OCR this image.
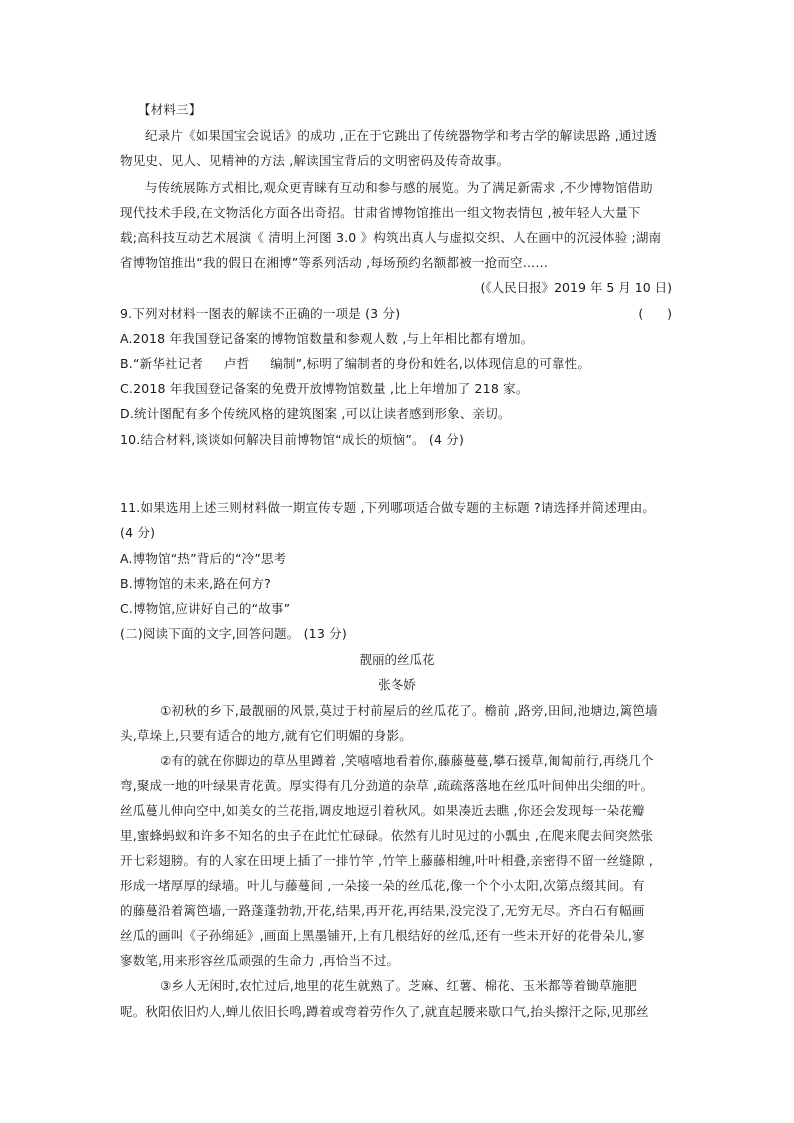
【材料三】
纪录片《如果国宝会说话》的成功 ,正在于它跳出了传统器物学和考古学的解读思路 ,通过透
物见史、见人、见精神的方法 ,解读国宝背后的文明密码及传奇故事。
与传统展陈方式相比,观众更青睐有互动和参与感的展览。为了满足新需求 ,不少博物馆借助
现代技术手段,在文物活化方面各出奇招。甘肃省博物馆推出一组文物表情包 ,被年轻人大量下
载;高科技互动艺术展演《 清明上河图 3.0 》构筑出真人与虚拟交织、人在画中的沉浸体验 ;湖南
省博物馆推出“我的假日在湘博”等系列活动 ,每场预约名额都被一抢而空……
(《人民日报》2019 年 5 月 10 日)
9.下列对材料一图表的解读不正确的一项是 (3 分)	(      )
A.2018 年我国登记备案的博物馆数量和参观人数 ,与上年相比都有增加。
B.“新华社记者     卢哲     编制”,标明了编制者的身份和姓名,以体现信息的可靠性。
C.2018 年我国登记备案的免费开放博物馆数量 ,比上年增加了 218 家。
D.统计图配有多个传统风格的建筑图案 ,可以让读者感到形象、亲切。
10.结合材料,谈谈如何解决目前博物馆“成长的烦恼”。 (4 分)
11.如果选用上述三则材料做一期宣传专题 ,下列哪项适合做专题的主标题 ?请选择并简述理由。
(4 分)
A.博物馆“热”背后的“冷”思考
B.博物馆的未来,路在何方?
C.博物馆,应讲好自己的“故事”
(二)阅读下面的文字,回答问题。 (13 分)
靓丽的丝瓜花
张冬娇
①初秋的乡下,最靓丽的风景,莫过于村前屋后的丝瓜花了。檐前 ,路旁,田间,池塘边,篱笆墙
头,草垛上,只要有适合的地方,就有它们明媚的身影。
②有的就在你脚边的草丛里蹲着 ,笑嘻嘻地看着你,藤藤蔓蔓,攀石援草,匍匐前行,再绕几个
弯,聚成一地的叶绿果青花黄。厚实得有几分劲道的杂草 ,疏疏落落地在丝瓜叶间伸出尖细的叶。
丝瓜蔓儿伸向空中,如美女的兰花指,调皮地逗引着秋风。如果凑近去瞧 ,你还会发现每一朵花瓣
里,蜜蜂蚂蚁和许多不知名的虫子在此忙忙碌碌。依然有儿时见过的小瓢虫 ,在爬来爬去间突然张
开七彩翅膀。有的人家在田埂上插了一排竹竿 ,竹竿上藤藤相缠,叶叶相叠,亲密得不留一丝缝隙 ,
形成一堵厚厚的绿墙。叶儿与藤蔓间 ,一朵接一朵的丝瓜花,像一个个小太阳,次第点缀其间。有
的藤蔓沿着篱笆墙,一路蓬蓬勃勃,开花,结果,再开花,再结果,没完没了,无穷无尽。齐白石有幅画
丝瓜的画叫《子孙绵延》,画面上黑墨铺开,上有几根结好的丝瓜,还有一些未开好的花骨朵儿,寥
寥数笔,用来形容丝瓜顽强的生命力 ,再恰当不过。
③乡人无闲时,农忙过后,地里的花生就熟了。芝麻、红薯、棉花、玉米都等着锄草施肥
呢。秋阳依旧灼人,蝉儿依旧长鸣,蹲着或弯着劳作久了,就直起腰来歇口气,抬头擦汗之际,见那丝
